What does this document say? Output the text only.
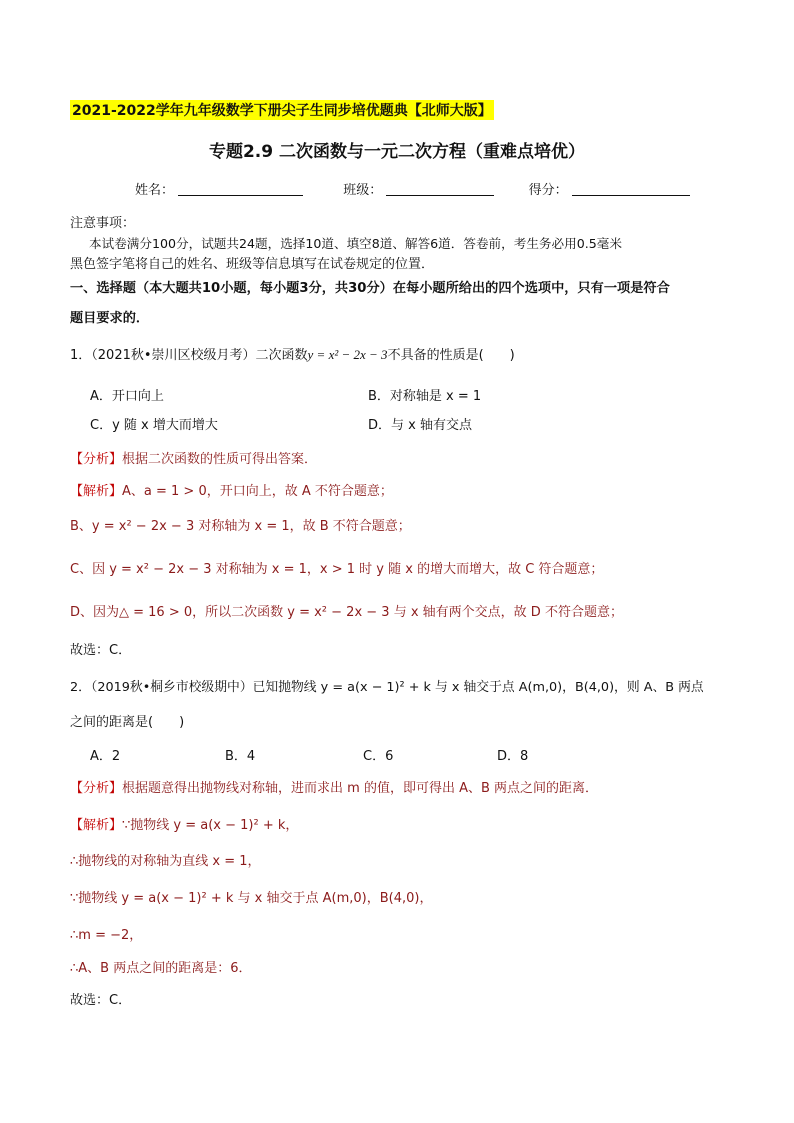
2021-2022学年九年级数学下册尖子生同步培优题典【北师大版】
专题2.9 二次函数与一元二次方程（重难点培优）
姓名：	班级：	得分：
注意事项：
本试卷满分100分，试题共24题，选择10道、填空8道、解答6道．答卷前，考生务必用0.5毫米
黑色签字笔将自己的姓名、班级等信息填写在试卷规定的位置．
一、选择题（本大题共10小题，每小题3分，共30分）在每小题所给出的四个选项中，只有一项是符合
题目要求的．
1．（2021秋•崇川区校级月考）二次函数y = x² − 2x − 3不具备的性质是(　　)
A．开口向上	B．对称轴是 x = 1
C．y 随 x 增大而增大	D．与 x 轴有交点
【分析】根据二次函数的性质可得出答案．
【解析】A、a = 1 > 0，开口向上，故 A 不符合题意；
B、y = x² − 2x − 3 对称轴为 x = 1，故 B 不符合题意；
C、因 y = x² − 2x − 3 对称轴为 x = 1，x > 1 时 y 随 x 的增大而增大，故 C 符合题意；
D、因为△ = 16 > 0，所以二次函数 y = x² − 2x − 3 与 x 轴有两个交点，故 D 不符合题意；
故选：C．
2．（2019秋•桐乡市校级期中）已知抛物线 y = a(x − 1)² + k 与 x 轴交于点 A(m,0)，B(4,0)，则 A、B 两点
之间的距离是(　　)
A．2	B．4	C．6	D．8
【分析】根据题意得出抛物线对称轴，进而求出 m 的值，即可得出 A、B 两点之间的距离．
【解析】∵抛物线 y = a(x − 1)² + k，
∴抛物线的对称轴为直线 x = 1，
∵抛物线 y = a(x − 1)² + k 与 x 轴交于点 A(m,0)，B(4,0)，
∴m = −2，
∴A、B 两点之间的距离是：6．
故选：C．
